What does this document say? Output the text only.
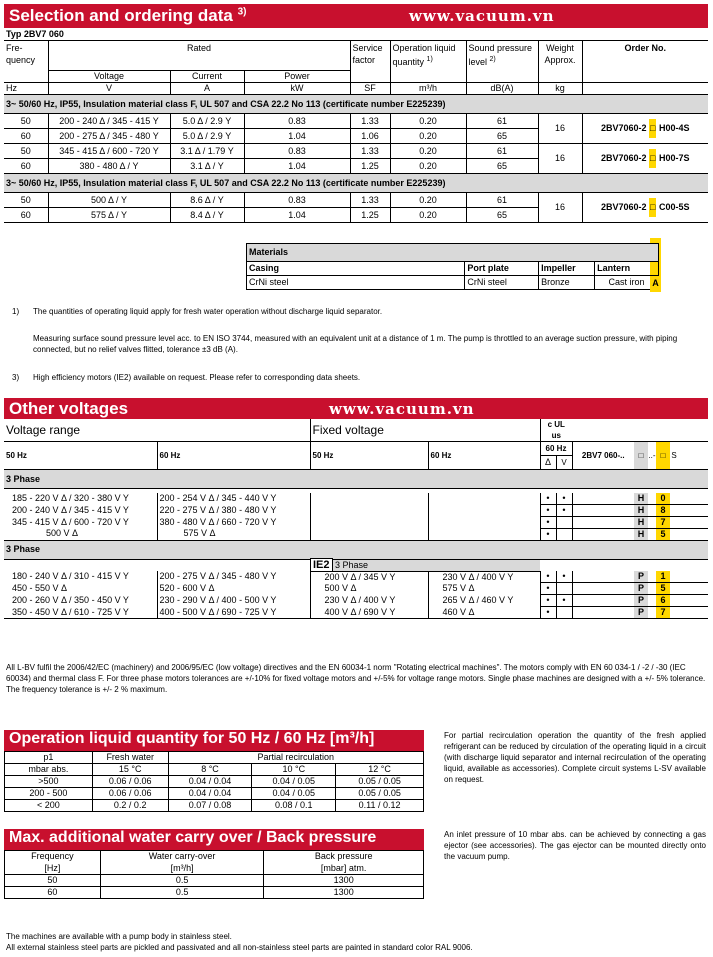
Selection and ordering data $^{3)}$	www.vacuum.vn
Typ 2BV7 060
Fre- quency	Rated			Service factor	Operation liquid quantity $^{1)}$	Sound pressure level $^{2)}$	Weight Approx.	Order No.
	Voltage	Current	Power					
Hz	V	A	kW	SF	m³/h	dB(A)	kg	
3~ 50/60 Hz, IP55, Insulation material class F, UL 507 and CSA 22.2 No 113 (certificate number E225239)								
50	200 - 240 Δ / 345 - 415 Y	5.0 Δ / 2.9 Y	0.83	1.33	0.20	61	16	2BV7060-2 □ H00-4S
60	200 - 275 Δ / 345 - 480 Y	5.0 Δ / 2.9 Y	1.04	1.06	0.20	65		
50	345 - 415 Δ / 600 - 720 Y	3.1 Δ / 1.79 Y	0.83	1.33	0.20	61	16	2BV7060-2 □ H00-7S
60	380 - 480 Δ / Y	3.1 Δ / Y	1.04	1.25	0.20	65		
3~ 50/60 Hz, IP55, Insulation material class F, UL 507 and CSA 22.2 No 113 (certificate number E225239)								
50	500 Δ / Y	8.6 Δ / Y	0.83	1.33	0.20	61	16	2BV7060-2 □ C00-5S
60	575 Δ / Y	8.4 Δ / Y	1.04	1.25	0.20	65		
Materials			
Casing	Port plate	Impeller	Lantern
CrNi steel	CrNi steel	Bronze	Cast iron A
1) The quantities of operating liquid apply for fresh water operation without discharge liquid separator.
Measuring surface sound pressure level acc. to EN ISO 3744, measured with an equivalent unit at a distance of 1 m. The pump is throttled to an average suction pressure, with piping connected, but no relief valves flitted, tolerance ±3 dB (A).
3) High efficiency motors (IE2) available on request. Please refer to corresponding data sheets.
Other voltages	www.vacuum.vn
Voltage range		Fixed voltage		c UL us							
50 Hz	60 Hz	50 Hz	60 Hz	60 Hz		2BV7 060-..	□	..-	□	S	
				Δ	V						
3 Phase											

185 - 220 V Δ / 320 - 380 V Y	200 - 254 V Δ / 345 - 440 V Y			•	•		H		0		
200 - 240 V Δ / 345 - 415 V Y	220 - 275 V Δ / 380 - 480 V Y			•	•		H		8		
345 - 415 V Δ / 600 - 720 V Y	380 - 480 V Δ / 660 - 720 V Y			•			H		7		
500 V Δ	575 V Δ			•			H		5		
3 Phase											
		IE2 3 Phase									
180 - 240 V Δ / 310 - 415 V Y	200 - 275 V Δ / 345 - 480 V Y	200 V Δ / 345 V Y	230 V Δ / 400 V Y	•	•		P		1		
450 - 550 V Δ	520 - 600 V Δ	500 V Δ	575 V Δ	•			P		5		
200 - 260 V Δ / 350 - 450 V Y	230 - 290 V Δ / 400 - 500 V Y	230 V Δ / 400 V Y	265 V Δ / 460 V Y	•	•		P		6		
350 - 450 V Δ / 610 - 725 V Y	400 - 500 V Δ / 690 - 725 V Y	400 V Δ / 690 V Y	460 V Δ	•			P		7		
All L-BV fulfil the 2006/42/EC (machinery) and 2006/95/EC (low voltage) directives and the EN 60034-1 norm "Rotating electrical machines". The motors comply with EN 60 034-1 / -2 / -30 (IEC 60034) and thermal class F. For three phase motors tolerances are +/-10% for fixed voltage motors and +/-5% for voltage range motors. Single phase machines are designed with a +/- 5% tolerance. The frequency tolerance is +/- 2 % maximum.
Operation liquid quantity for 50 Hz / 60 Hz [m³/h]
p1	Fresh water	Partial recirculation		
mbar abs.	15 °C	8 °C	10 °C	12 °C
>500	0.06 / 0.06	0.04 / 0.04	0.04 / 0.05	0.05 / 0.05
200 - 500	0.06 / 0.06	0.04 / 0.04	0.04 / 0.05	0.05 / 0.05
< 200	0.2 / 0.2	0.07 / 0.08	0.08 / 0.1	0.11 / 0.12
For partial recirculation operation the quantity of the fresh applied refrigerant can be reduced by circulation of the operating liquid in a circuit (with discharge liquid separator and internal recirculation of the operating liquid, available as accessories). Complete circuit systems L-SV available on request.
Max. additional water carry over / Back pressure
Frequency	Water carry-over	Back pressure
[Hz]	[m³/h]	[mbar] atm.
50	0.5	1300
60	0.5	1300
An inlet pressure of 10 mbar abs. can be achieved by connecting a gas ejector (see accessories). The gas ejector can be mounted directly onto the vacuum pump.
The machines are available with a pump body in stainless steel.
All external stainless steel parts are pickled and passivated and all non-stainless steel parts are painted in standard color RAL 9006.
